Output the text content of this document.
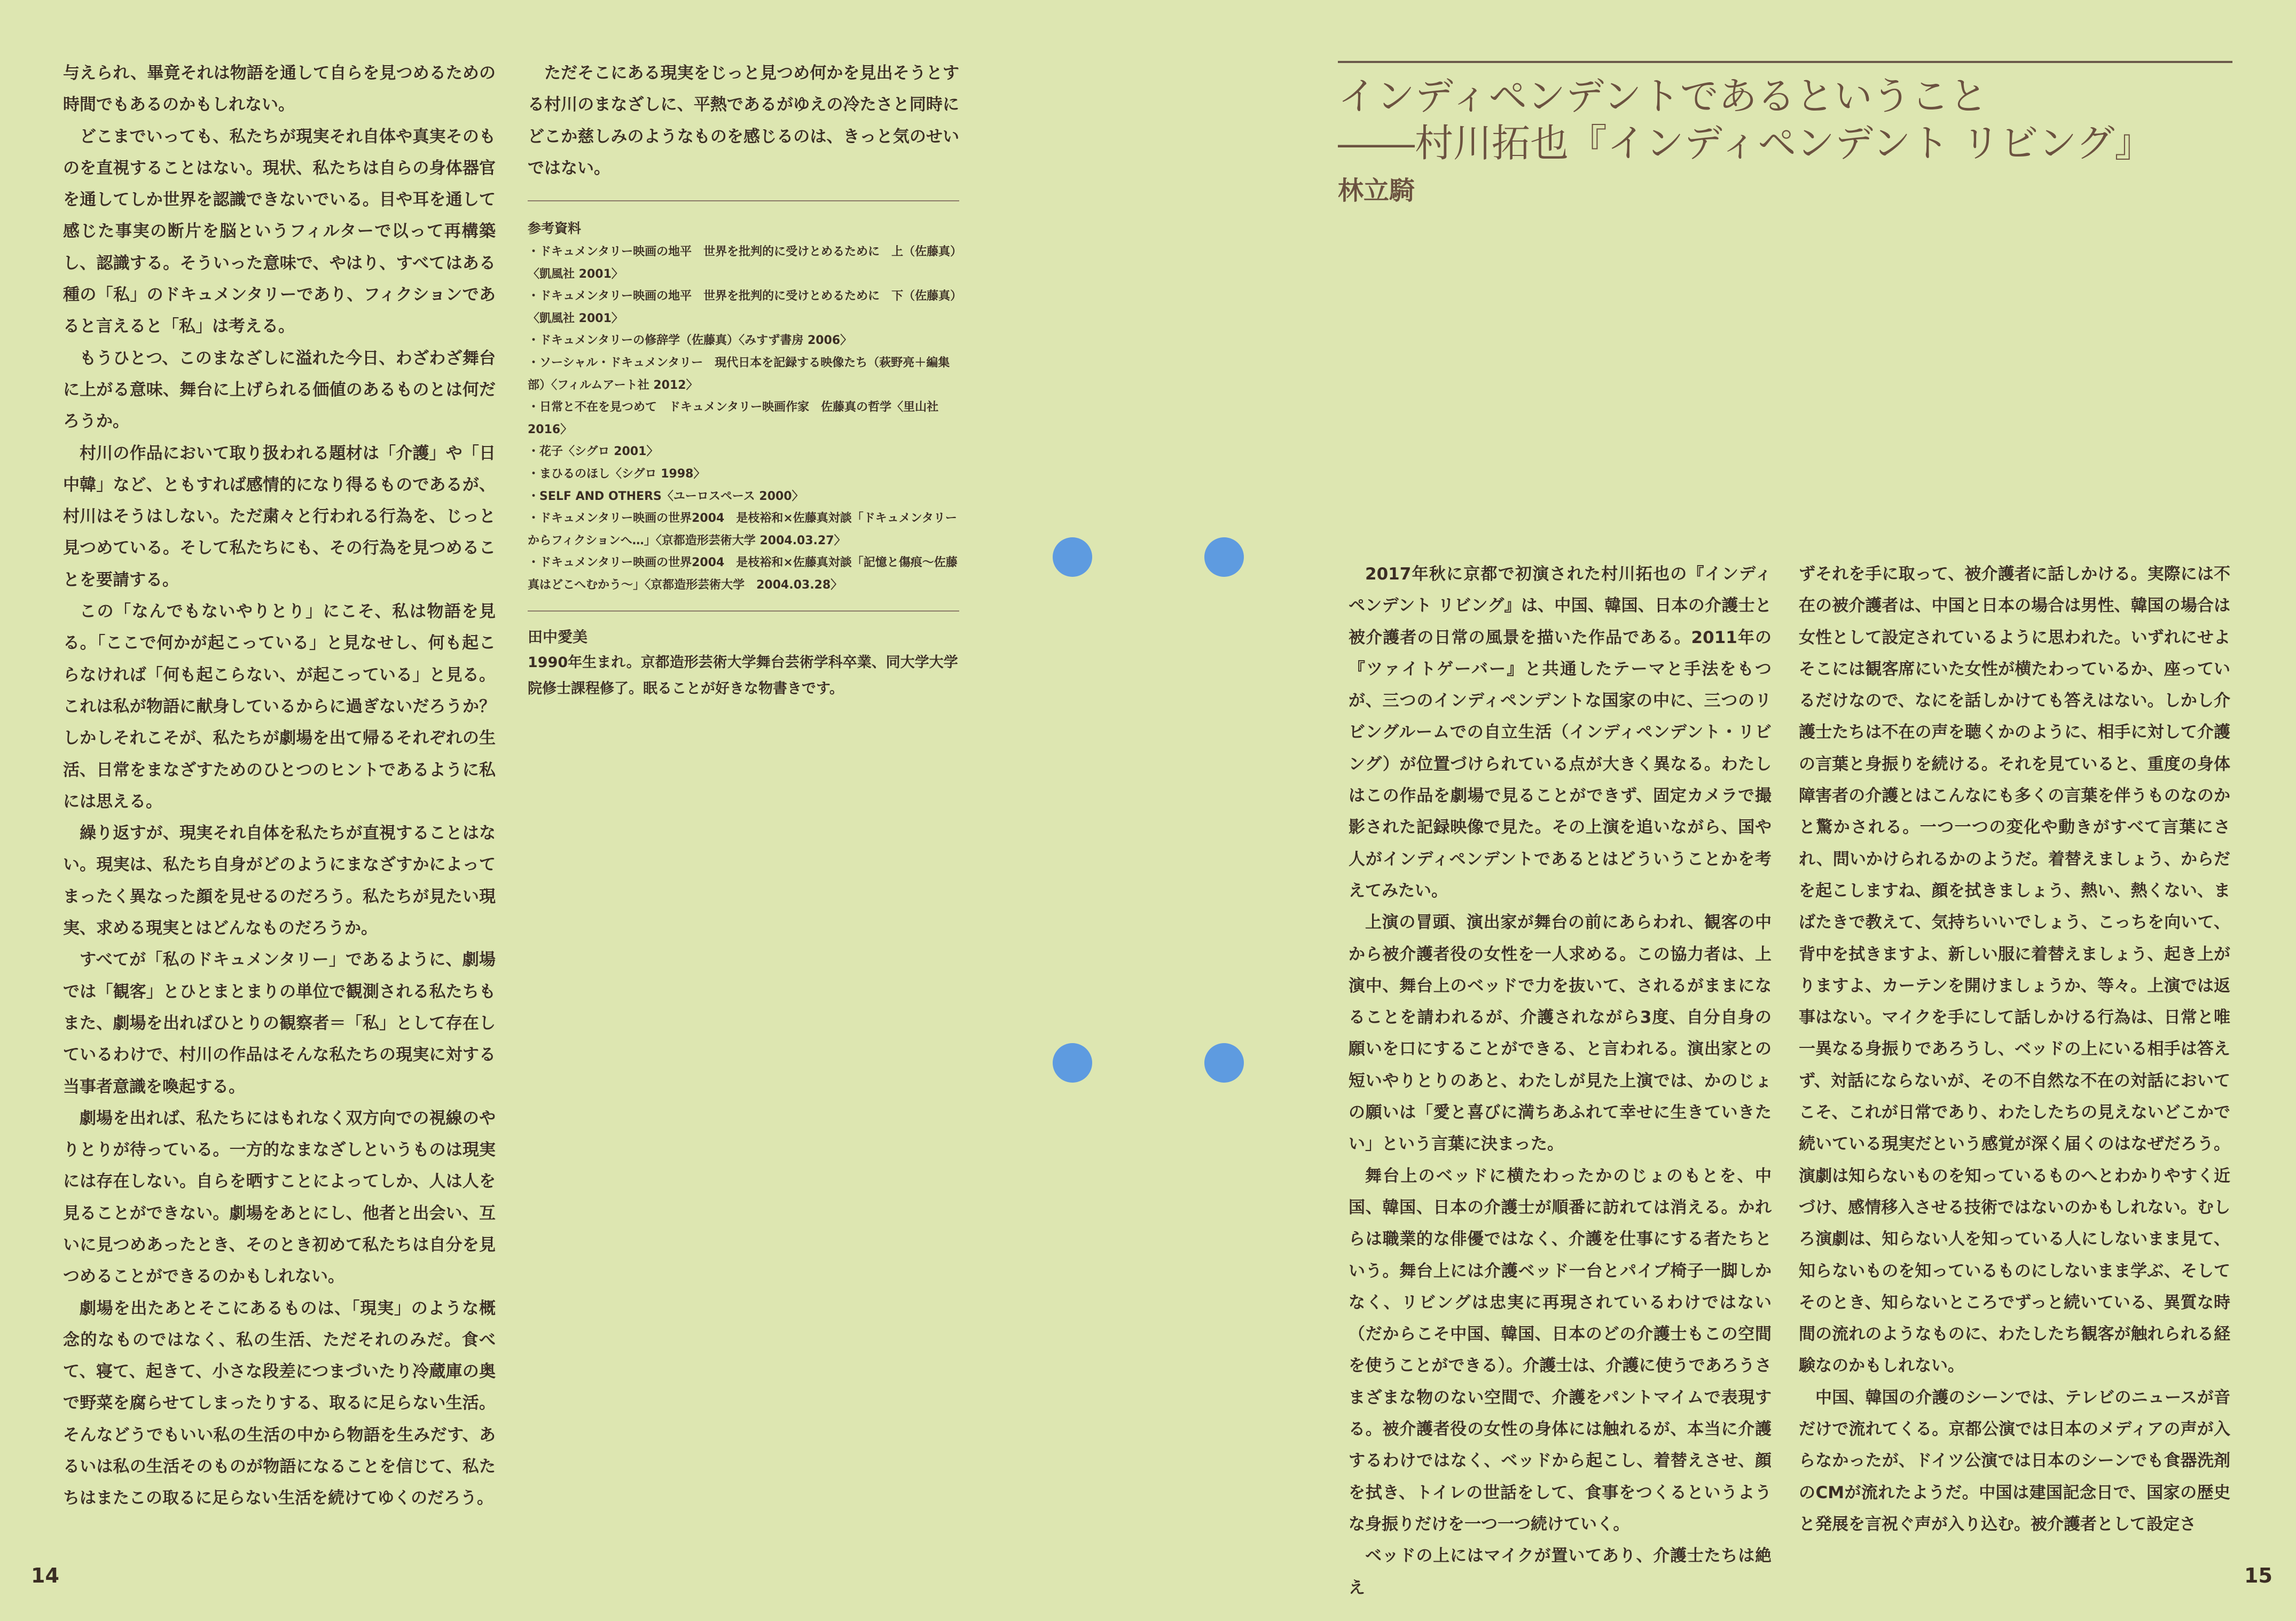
与えられ、畢竟それは物語を通して自らを見つめるための時間でもあるのかもしれない。

どこまでいっても、私たちが現実それ自体や真実そのものを直視することはない。現状、私たちは自らの身体器官を通してしか世界を認識できないでいる。目や耳を通して感じた事実の断片を脳というフィルターで以って再構築し、認識する。そういった意味で、やはり、すべてはある種の「私」のドキュメンタリーであり、フィクションであると言えると「私」は考える。

もうひとつ、このまなざしに溢れた今日、わざわざ舞台に上がる意味、舞台に上げられる価値のあるものとは何だろうか。

村川の作品において取り扱われる題材は「介護」や「日中韓」など、ともすれば感情的になり得るものであるが、村川はそうはしない。ただ粛々と行われる行為を、じっと見つめている。そして私たちにも、その行為を見つめることを要請する。

この「なんでもないやりとり」にこそ、私は物語を見る。「ここで何かが起こっている」と見なせし、何も起こらなければ「何も起こらない、が起こっている」と見る。これは私が物語に献身しているからに過ぎないだろうか？　しかしそれこそが、私たちが劇場を出て帰るそれぞれの生活、日常をまなざすためのひとつのヒントであるように私には思える。

繰り返すが、現実それ自体を私たちが直視することはない。現実は、私たち自身がどのようにまなざすかによってまったく異なった顔を見せるのだろう。私たちが見たい現実、求める現実とはどんなものだろうか。

すべてが「私のドキュメンタリー」であるように、劇場では「観客」とひとまとまりの単位で観測される私たちもまた、劇場を出ればひとりの観察者＝「私」として存在しているわけで、村川の作品はそんな私たちの現実に対する当事者意識を喚起する。

劇場を出れば、私たちにはもれなく双方向での視線のやりとりが待っている。一方的なまなざしというものは現実には存在しない。自らを晒すことによってしか、人は人を見ることができない。劇場をあとにし、他者と出会い、互いに見つめあったとき、そのとき初めて私たちは自分を見つめることができるのかもしれない。

劇場を出たあとそこにあるものは、「現実」のような概念的なものではなく、私の生活、ただそれのみだ。食べて、寝て、起きて、小さな段差につまづいたり冷蔵庫の奥で野菜を腐らせてしまったりする、取るに足らない生活。そんなどうでもいい私の生活の中から物語を生みだす、あるいは私の生活そのものが物語になることを信じて、私たちはまたこの取るに足らない生活を続けてゆくのだろう。

ただそこにある現実をじっと見つめ何かを見出そうとする村川のまなざしに、平熱であるがゆえの冷たさと同時にどこか慈しみのようなものを感じるのは、きっと気のせいではない。

参考資料

・ドキュメンタリー映画の地平　世界を批判的に受けとめるために　上（佐藤真）〈凱風社 2001〉
・ドキュメンタリー映画の地平　世界を批判的に受けとめるために　下（佐藤真）〈凱風社 2001〉
・ドキュメンタリーの修辞学（佐藤真）〈みすず書房 2006〉
・ソーシャル・ドキュメンタリー　現代日本を記録する映像たち（萩野亮＋編集部）〈フィルムアート社 2012〉
・日常と不在を見つめて　ドキュメンタリー映画作家　佐藤真の哲学〈里山社 2016〉
・花子〈シグロ 2001〉
・まひるのほし〈シグロ 1998〉
・SELF AND OTHERS〈ユーロスペース 2000〉
・ドキュメンタリー映画の世界2004　是枝裕和×佐藤真対談「ドキュメンタリーからフィクションへ…」〈京都造形芸術大学 2004.03.27〉
・ドキュメンタリー映画の世界2004　是枝裕和×佐藤真対談「記憶と傷痕〜佐藤真はどこへむかう〜」〈京都造形芸術大学　2004.03.28〉

田中愛美

1990年生まれ。京都造形芸術大学舞台芸術学科卒業、同大学大学院修士課程修了。眠ることが好きな物書きです。

14

インディペンデントであるということ

――村川拓也『インディペンデント リビング』

林立騎

2017年秋に京都で初演された村川拓也の『インディペンデント リビング』は、中国、韓国、日本の介護士と被介護者の日常の風景を描いた作品である。2011年の『ツァイトゲーバー』と共通したテーマと手法をもつが、三つのインディペンデントな国家の中に、三つのリビングルームでの自立生活（インディペンデント・リビング）が位置づけられている点が大きく異なる。わたしはこの作品を劇場で見ることができず、固定カメラで撮影された記録映像で見た。その上演を追いながら、国や人がインディペンデントであるとはどういうことかを考えてみたい。

上演の冒頭、演出家が舞台の前にあらわれ、観客の中から被介護者役の女性を一人求める。この協力者は、上演中、舞台上のベッドで力を抜いて、されるがままになることを請われるが、介護されながら3度、自分自身の願いを口にすることができる、と言われる。演出家との短いやりとりのあと、わたしが見た上演では、かのじょの願いは「愛と喜びに満ちあふれて幸せに生きていきたい」という言葉に決まった。

舞台上のベッドに横たわったかのじょのもとを、中国、韓国、日本の介護士が順番に訪れては消える。かれらは職業的な俳優ではなく、介護を仕事にする者たちという。舞台上には介護ベッド一台とパイプ椅子一脚しかなく、リビングは忠実に再現されているわけではない（だからこそ中国、韓国、日本のどの介護士もこの空間を使うことができる）。介護士は、介護に使うであろうさまざまな物のない空間で、介護をパントマイムで表現する。被介護者役の女性の身体には触れるが、本当に介護するわけではなく、ベッドから起こし、着替えさせ、顔を拭き、トイレの世話をして、食事をつくるというような身振りだけを一つ一つ続けていく。

ベッドの上にはマイクが置いてあり、介護士たちは絶え

ずそれを手に取って、被介護者に話しかける。実際には不在の被介護者は、中国と日本の場合は男性、韓国の場合は女性として設定されているように思われた。いずれにせよそこには観客席にいた女性が横たわっているか、座っているだけなので、なにを話しかけても答えはない。しかし介護士たちは不在の声を聴くかのように、相手に対して介護の言葉と身振りを続ける。それを見ていると、重度の身体障害者の介護とはこんなにも多くの言葉を伴うものなのかと驚かされる。一つ一つの変化や動きがすべて言葉にされ、問いかけられるかのようだ。着替えましょう、からだを起こしますね、顔を拭きましょう、熱い、熱くない、まばたきで教えて、気持ちいいでしょう、こっちを向いて、背中を拭きますよ、新しい服に着替えましょう、起き上がりますよ、カーテンを開けましょうか、等々。上演では返事はない。マイクを手にして話しかける行為は、日常と唯一異なる身振りであろうし、ベッドの上にいる相手は答えず、対話にならないが、その不自然な不在の対話においてこそ、これが日常であり、わたしたちの見えないどこかで続いている現実だという感覚が深く届くのはなぜだろう。演劇は知らないものを知っているものへとわかりやすく近づけ、感情移入させる技術ではないのかもしれない。むしろ演劇は、知らない人を知っている人にしないまま見て、知らないものを知っているものにしないまま学ぶ、そしてそのとき、知らないところでずっと続いている、異質な時間の流れのようなものに、わたしたち観客が触れられる経験なのかもしれない。

中国、韓国の介護のシーンでは、テレビのニュースが音だけで流れてくる。京都公演では日本のメディアの声が入らなかったが、ドイツ公演では日本のシーンでも食器洗剤のCMが流れたようだ。中国は建国記念日で、国家の歴史と発展を言祝ぐ声が入り込む。被介護者として設定さ

15
